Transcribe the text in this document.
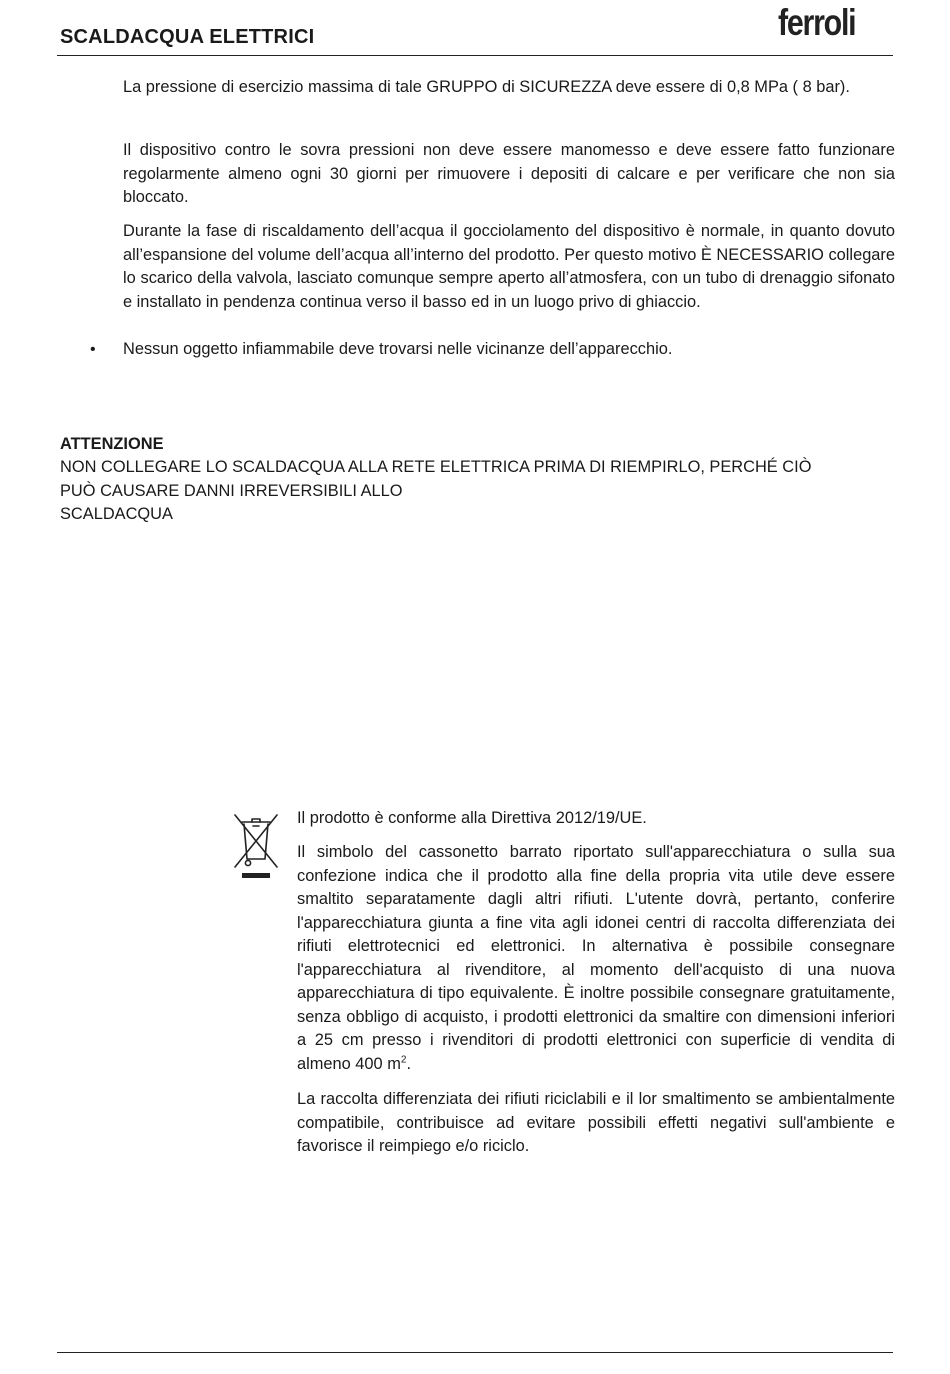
SCALDACQUA ELETTRICI	ferroli

La pressione di esercizio massima di tale GRUPPO di SICUREZZA deve essere di 0,8 MPa ( 8 bar).

Il dispositivo contro le sovra pressioni non deve essere manomesso e deve essere fatto funzionare regolarmente almeno ogni 30 giorni per rimuovere i depositi di calcare e per verificare che non sia bloccato.

Durante la fase di riscaldamento dell’acqua il gocciolamento del dispositivo è normale, in quanto dovuto all’espansione del volume dell’acqua all’interno del prodotto. Per questo motivo È NECESSARIO collegare lo scarico della valvola, lasciato comunque sempre aperto all’atmosfera, con un tubo di drenaggio sifonato e installato in pendenza continua verso il basso ed in un luogo privo di ghiaccio.

• Nessun oggetto infiammabile deve trovarsi nelle vicinanze dell’apparecchio.

ATTENZIONE
NON COLLEGARE LO SCALDACQUA ALLA RETE ELETTRICA PRIMA DI RIEMPIRLO, PERCHÉ CIÒ
PUÒ CAUSARE DANNI IRREVERSIBILI ALLO
SCALDACQUA

Il prodotto è conforme alla Direttiva 2012/19/UE.

Il simbolo del cassonetto barrato riportato sull'apparecchiatura o sulla sua confezione indica che il prodotto alla fine della propria vita utile deve essere smaltito separatamente dagli altri rifiuti. L'utente dovrà, pertanto, conferire l'apparecchiatura giunta a fine vita agli idonei centri di raccolta differenziata dei rifiuti elettrotecnici ed elettronici. In alternativa è possibile consegnare l'apparecchiatura al rivenditore, al momento dell'acquisto di una nuova apparecchiatura di tipo equivalente. È inoltre possibile consegnare gratuitamente, senza obbligo di acquisto, i prodotti elettronici da smaltire con dimensioni inferiori a 25 cm presso i rivenditori di prodotti elettronici con superficie di vendita di almeno 400 $m^2$.

La raccolta differenziata dei rifiuti riciclabili e il lor smaltimento se ambientalmente compatibile, contribuisce ad evitare possibili effetti negativi sull'ambiente e favorisce il reimpiego e/o riciclo.
